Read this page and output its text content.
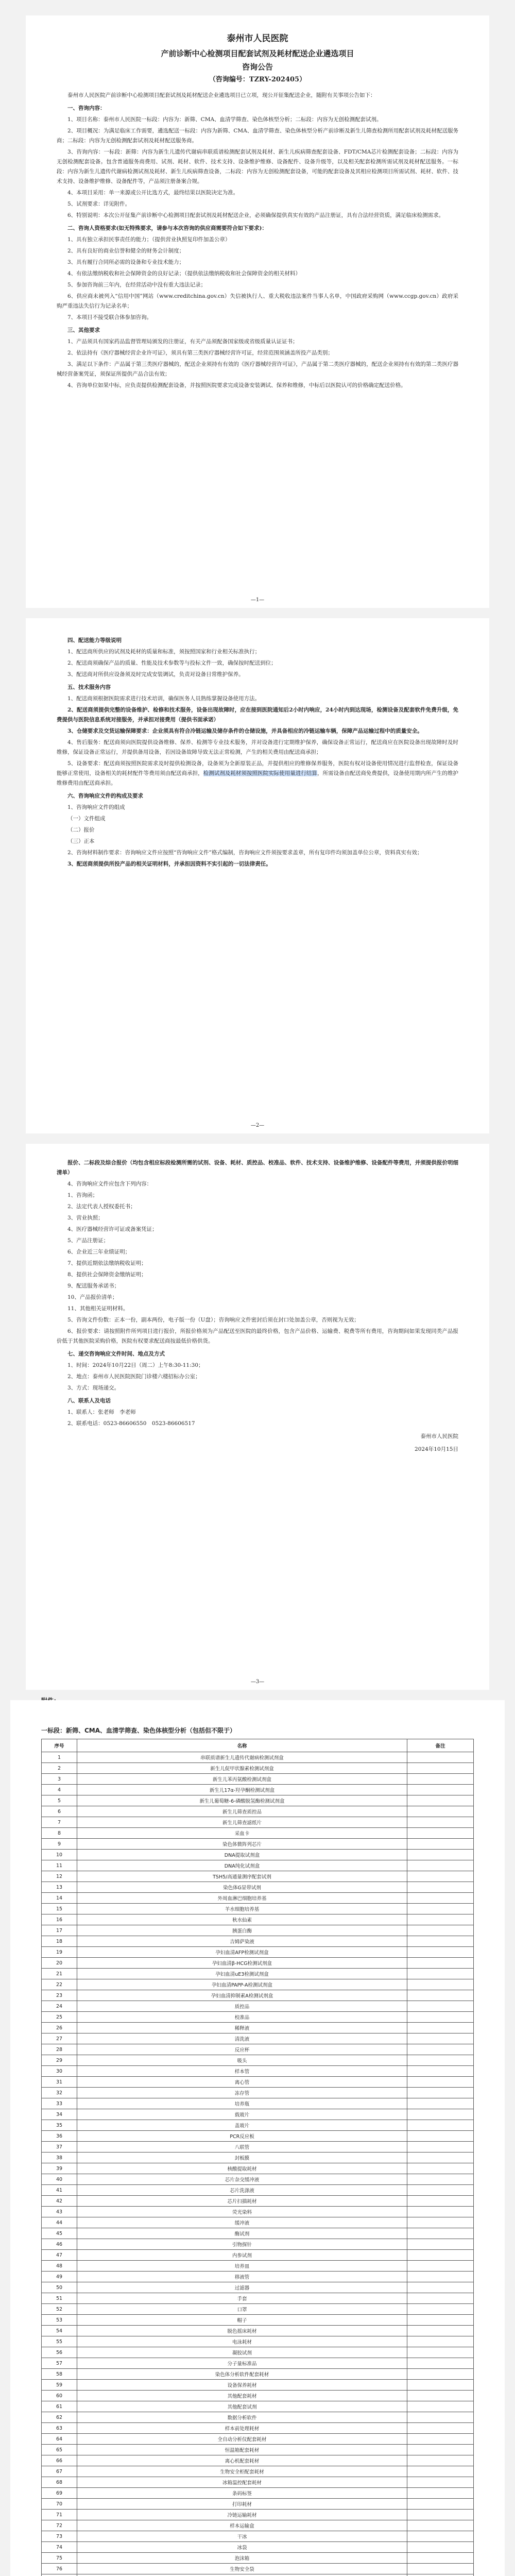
泰州市人民医院
产前诊断中心检测项目配套试剂及耗材配送企业遴选项目
咨询公告
（咨询编号：TZRY-202405）

泰州市人民医院产前诊断中心检测项目配套试剂及耗材配送企业遴选项目已立项，现公开征集配送企业，随附有关事项公告如下：

一、咨询内容：

1、项目名称：泰州市人民医院一标段：内容为：新筛、CMA、血清学筛查、染色体核型分析；二标段：内容为无创检测配套试剂。

2、项目概况：为满足临床工作需要，遴选配送一标段：内容为新筛、CMA、血清学筛查、染色体核型分析产前诊断及新生儿筛查检测所用配套试剂及耗材配送服务商；二标段：内容为无创检测配套试剂及耗材配送服务商。

3、咨询内容：一标段：新筛：内容为新生儿遗传代谢病串联质谱检测配套试剂及耗材、新生儿疾病筛查配套设备、FDT/CMA芯片检测配套设备；二标段：内容为无创检测配套设备。包含普通服务商费用、试剂、耗材、软件、技术支持、设备维护维修、设备配件、设备升级等，以及相关配套检测所需试剂及耗材配送服务。一标段：内容为新生儿遗传代谢病检测试剂及耗材、新生儿疾病筛查设备，二标段：内容为无创检测配套设备，可能的配套设备及其相应检测项目所需试剂、耗材、软件、技术支持、设备维护维修、设备配件等，产品须注册备案合规。

4、本项目采用：单一来源或公开比选方式，最终结果以医院决定为准。

5、试剂要求：详见附件。

6、特别说明：本次公开征集产前诊断中心检测项目配套试剂及耗材配送企业，必须确保提供真实有效的产品注册证，具有合法经营资质，满足临床检测需求。

二、咨询人资格要求(如无特殊要求，请参与本次咨询的供应商需要符合如下要求)：

1、具有独立承担民事责任的能力；（提供营业执照复印件加盖公章）

2、具有良好的商业信誉和健全的财务会计制度；

3、具有履行合同所必需的设备和专业技术能力；

4、有依法缴纳税收和社会保障资金的良好记录；（提供依法缴纳税收和社会保障资金的相关材料）

5、参加咨询前三年内，在经营活动中没有重大违法记录；

6、供应商未被列入“信用中国”网站（www.creditchina.gov.cn）失信被执行人、重大税收违法案件当事人名单，中国政府采购网（www.ccgp.gov.cn）政府采购严重违法失信行为记录名单；

7、本项目不接受联合体参加咨询。

三、其他要求

1、产品须具有国家药品监督管理局颁发的注册证，有关产品须配备国家级或省级质量认证证书；

2、依法持有《医疗器械经营企业许可证》，须具有第三类医疗器械经营许可证，经营范围须涵盖所投产品类别；

3、满足以下条件：产品属于第三类医疗器械的，配送企业须持有有效的《医疗器械经营许可证》，产品属于第二类医疗器械的，配送企业须持有有效的第二类医疗器械经营备案凭证，须保证所提供产品合法有效；

4、咨询单位如果中标，应负责提供检测配套设备，并按照医院要求完成设备安装调试、保养和维修，中标后以医院认可的价格确定配送价格。

—1—

四、配送能力等级说明

1、配送商所供应的试剂及耗材的质量和标准，须按照国家和行业相关标准执行；

2、配送商须确保产品的质量、性能及技术参数等与投标文件一致，确保按时配送到位；

3、配送商对所供应设备须及时完成安装调试，负责对设备日常维护保养。

五、技术服务内容

1、配送商须根据医院需求进行技术培训，确保医务人员熟练掌握设备使用方法。

2、配送商须提供完整的设备维护、检修和技术服务，设备出现故障时，应在接到医院通知后2小时内响应，24小时内到达现场，检测设备及配套软件免费升级，免费提供与医院信息系统对接服务，并承担对接费用（提供书面承诺）

3、仓储要求及交货运输保障要求：企业须具有符合冷链运输及储存条件的仓储设施，并具备相应的冷链运输车辆，保障产品运输过程中的质量安全。

4、售后服务：配送商须向医院提供设备维修、保养、检测等专业技术服务，并对设备进行定期维护保养，确保设备正常运行，配送商应在医院设备出现故障时及时维修，保证设备正常运行，并提供备用设备，若因设备故障导致无法正常检测，产生的相关费用由配送商承担；

5、设备要求：配送商须按照医院需求及时提供检测设备，设备须为全新原装正品，并提供相应的维修保养服务，医院有权对设备使用情况进行监督检查，保证设备能够正常使用，设备相关的耗材配件等费用须由配送商承担，检测试剂及耗材须按照医院实际使用量进行结算，所需设备由配送商免费提供，设备使用期内所产生的维护维修费用由配送商承担。

六、咨询响应文件的构成及要求

1、咨询响应文件的组成

（一）文件组成

（二）报价

（三）正本

2、咨询材料制作要求：咨询响应文件应按照“咨询响应文件”格式编制，咨询响应文件须按要求盖章，所有复印件均须加盖单位公章，资料真实有效；

3、配送商须提供所投产品的相关证明材料，并承担因资料不实引起的一切法律责任。

—2—

报价、二标段及综合报价（均包含相应标段检测所需的试剂、设备、耗材、质控品、校准品、软件、技术支持、设备维护维修、设备配件等费用，并须提供报价明细清单）

4、咨询响应文件应包含下列内容：

1、咨询函；

2、法定代表人授权委托书；

3、营业执照；

4、医疗器械经营许可证或备案凭证；

5、产品注册证；

6、企业近三年业绩证明；

7、提供近期依法缴纳税收证明；

8、提供社会保障资金缴纳证明；

9、配送服务承诺书；

10、产品报价清单；

11、其他相关证明材料。

5、咨询文件份数：正本一份，副本两份，电子版一份（U盘）；咨询响应文件密封后须在封口处加盖公章，否则视为无效；

6、报价要求：请按照附件所列项目进行报价，所报价格须为产品配送至医院的最终价格，包含产品价格、运输费、税费等所有费用，咨询期间如果发现同类产品报价低于其他医院采购价格，医院有权要求配送商按最低价格供货。

七、递交咨询响应文件时间、地点及方式

1、时间：2024年10月22日（周二）上午8:30-11:30；

2、地点：泰州市人民医院医院门诊楼六楼招标办公室；

3、方式：现场递交。

八、联系人及电话

1、联系人：张老师　李老师

2、联系电话：0523-86606550　0523-86606517

泰州市人民医院
2024年10月15日
—3—
一标段：新筛、CMA、血清学筛查、染色体核型分析（包括但不限于）
序号	名称	备注
1	串联质谱新生儿遗传代谢病检测试剂盒	
2	新生儿促甲状腺素检测试剂盒	
3	新生儿苯丙氨酸检测试剂盒	
4	新生儿17α-羟孕酮检测试剂盒	
5	新生儿葡萄糖-6-磷酸脱氢酶检测试剂盒	
6	新生儿筛查质控品	
7	新生儿筛查滤纸片	
8	采血卡	
9	染色体微阵列芯片	
10	DNA提取试剂盒	
11	DNA纯化试剂盒	
12	TSH5/高通量测序配套试剂	
13	染色体G显带试剂	
14	外周血淋巴细胞培养基	
15	羊水细胞培养基	
16	秋水仙素	
17	胰蛋白酶	
18	吉姆萨染液	
19	孕妇血清AFP检测试剂盒	
20	孕妇血清β-HCG检测试剂盒	
21	孕妇血清uE3检测试剂盒	
22	孕妇血清PAPP-A检测试剂盒	
23	孕妇血清抑制素A检测试剂盒	
24	质控品	
25	校准品	
26	稀释液	
27	清洗液	
28	反应杯	
29	吸头	
30	样本管	
31	离心管	
32	冻存管	
33	培养瓶	
34	载玻片	
35	盖玻片	
36	PCR反应板	
37	八联管	
38	封板膜	
39	核酸提取耗材	
40	芯片杂交缓冲液	
41	芯片洗涤液	
42	芯片扫描耗材	
43	荧光染料	
44	缓冲液	
45	酶试剂	
46	引物探针	
47	内参试剂	
48	培养皿	
49	移液管	
50	过滤器	
51	手套	
52	口罩	
53	帽子	
54	脱色摇床耗材	
55	电泳耗材	
56	凝胶试剂	
57	分子量标准品	
58	染色体分析软件配套耗材	
59	设备保养耗材	
60	其他配套耗材	
61	其他配套试剂	
62	数据分析软件	
63	样本前处理耗材	
64	全自动分析仪配套耗材	
65	恒温箱配套耗材	
66	离心机配套耗材	
67	生物安全柜配套耗材	
68	冰箱温控配套耗材	
69	条码标签	
70	打印耗材	
71	冷链运输耗材	
72	样本运输盒	
73	干冰	
74	冰袋	
75	泡沫箱	
76	生物安全袋	
